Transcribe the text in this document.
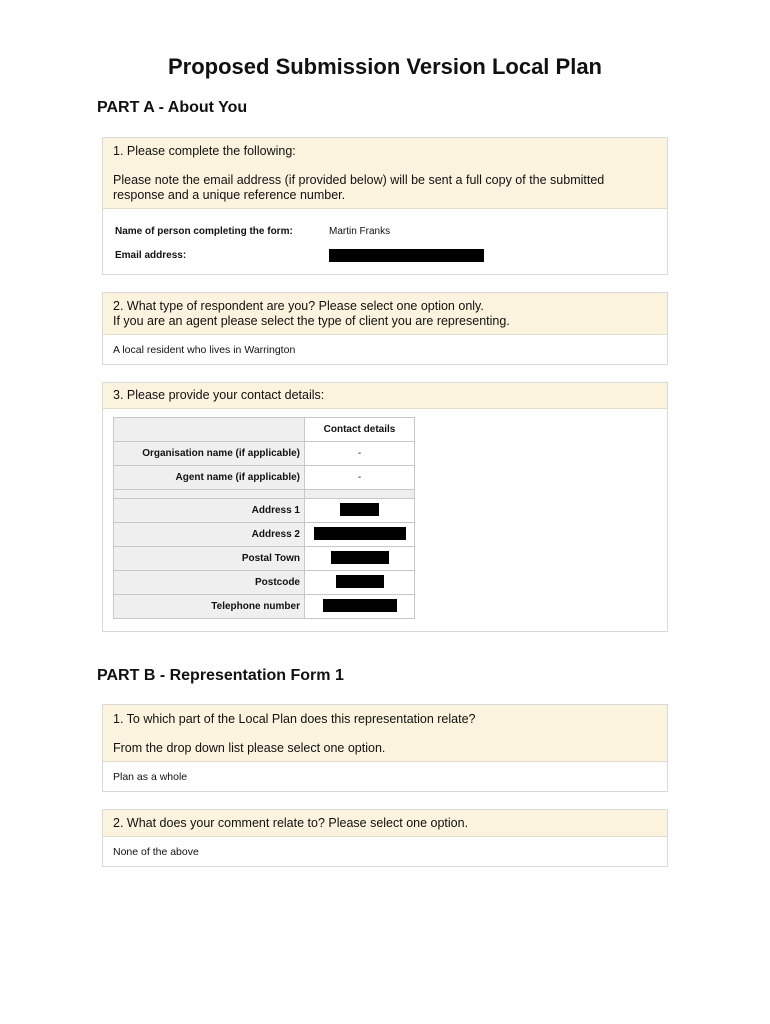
Proposed Submission Version Local Plan
PART A - About You

1. Please complete the following:

Please note the email address (if provided below) will be sent a full copy of the submitted

response and a unique reference number.

Name of person completing the form:	Martin Franks
Email address:

2. What type of respondent are you? Please select one option only.

If you are an agent please select the type of client you are representing.

A local resident who lives in Warrington

3. Please provide your contact details:

	Contact details
Organisation name (if applicable)	-
Agent name (if applicable)	-

Address 1	
Address 2	
Postal Town	
Postcode	
Telephone number	
PART B - Representation Form 1

1. To which part of the Local Plan does this representation relate?

From the drop down list please select one option.

Plan as a whole

2. What does your comment relate to? Please select one option.

None of the above
